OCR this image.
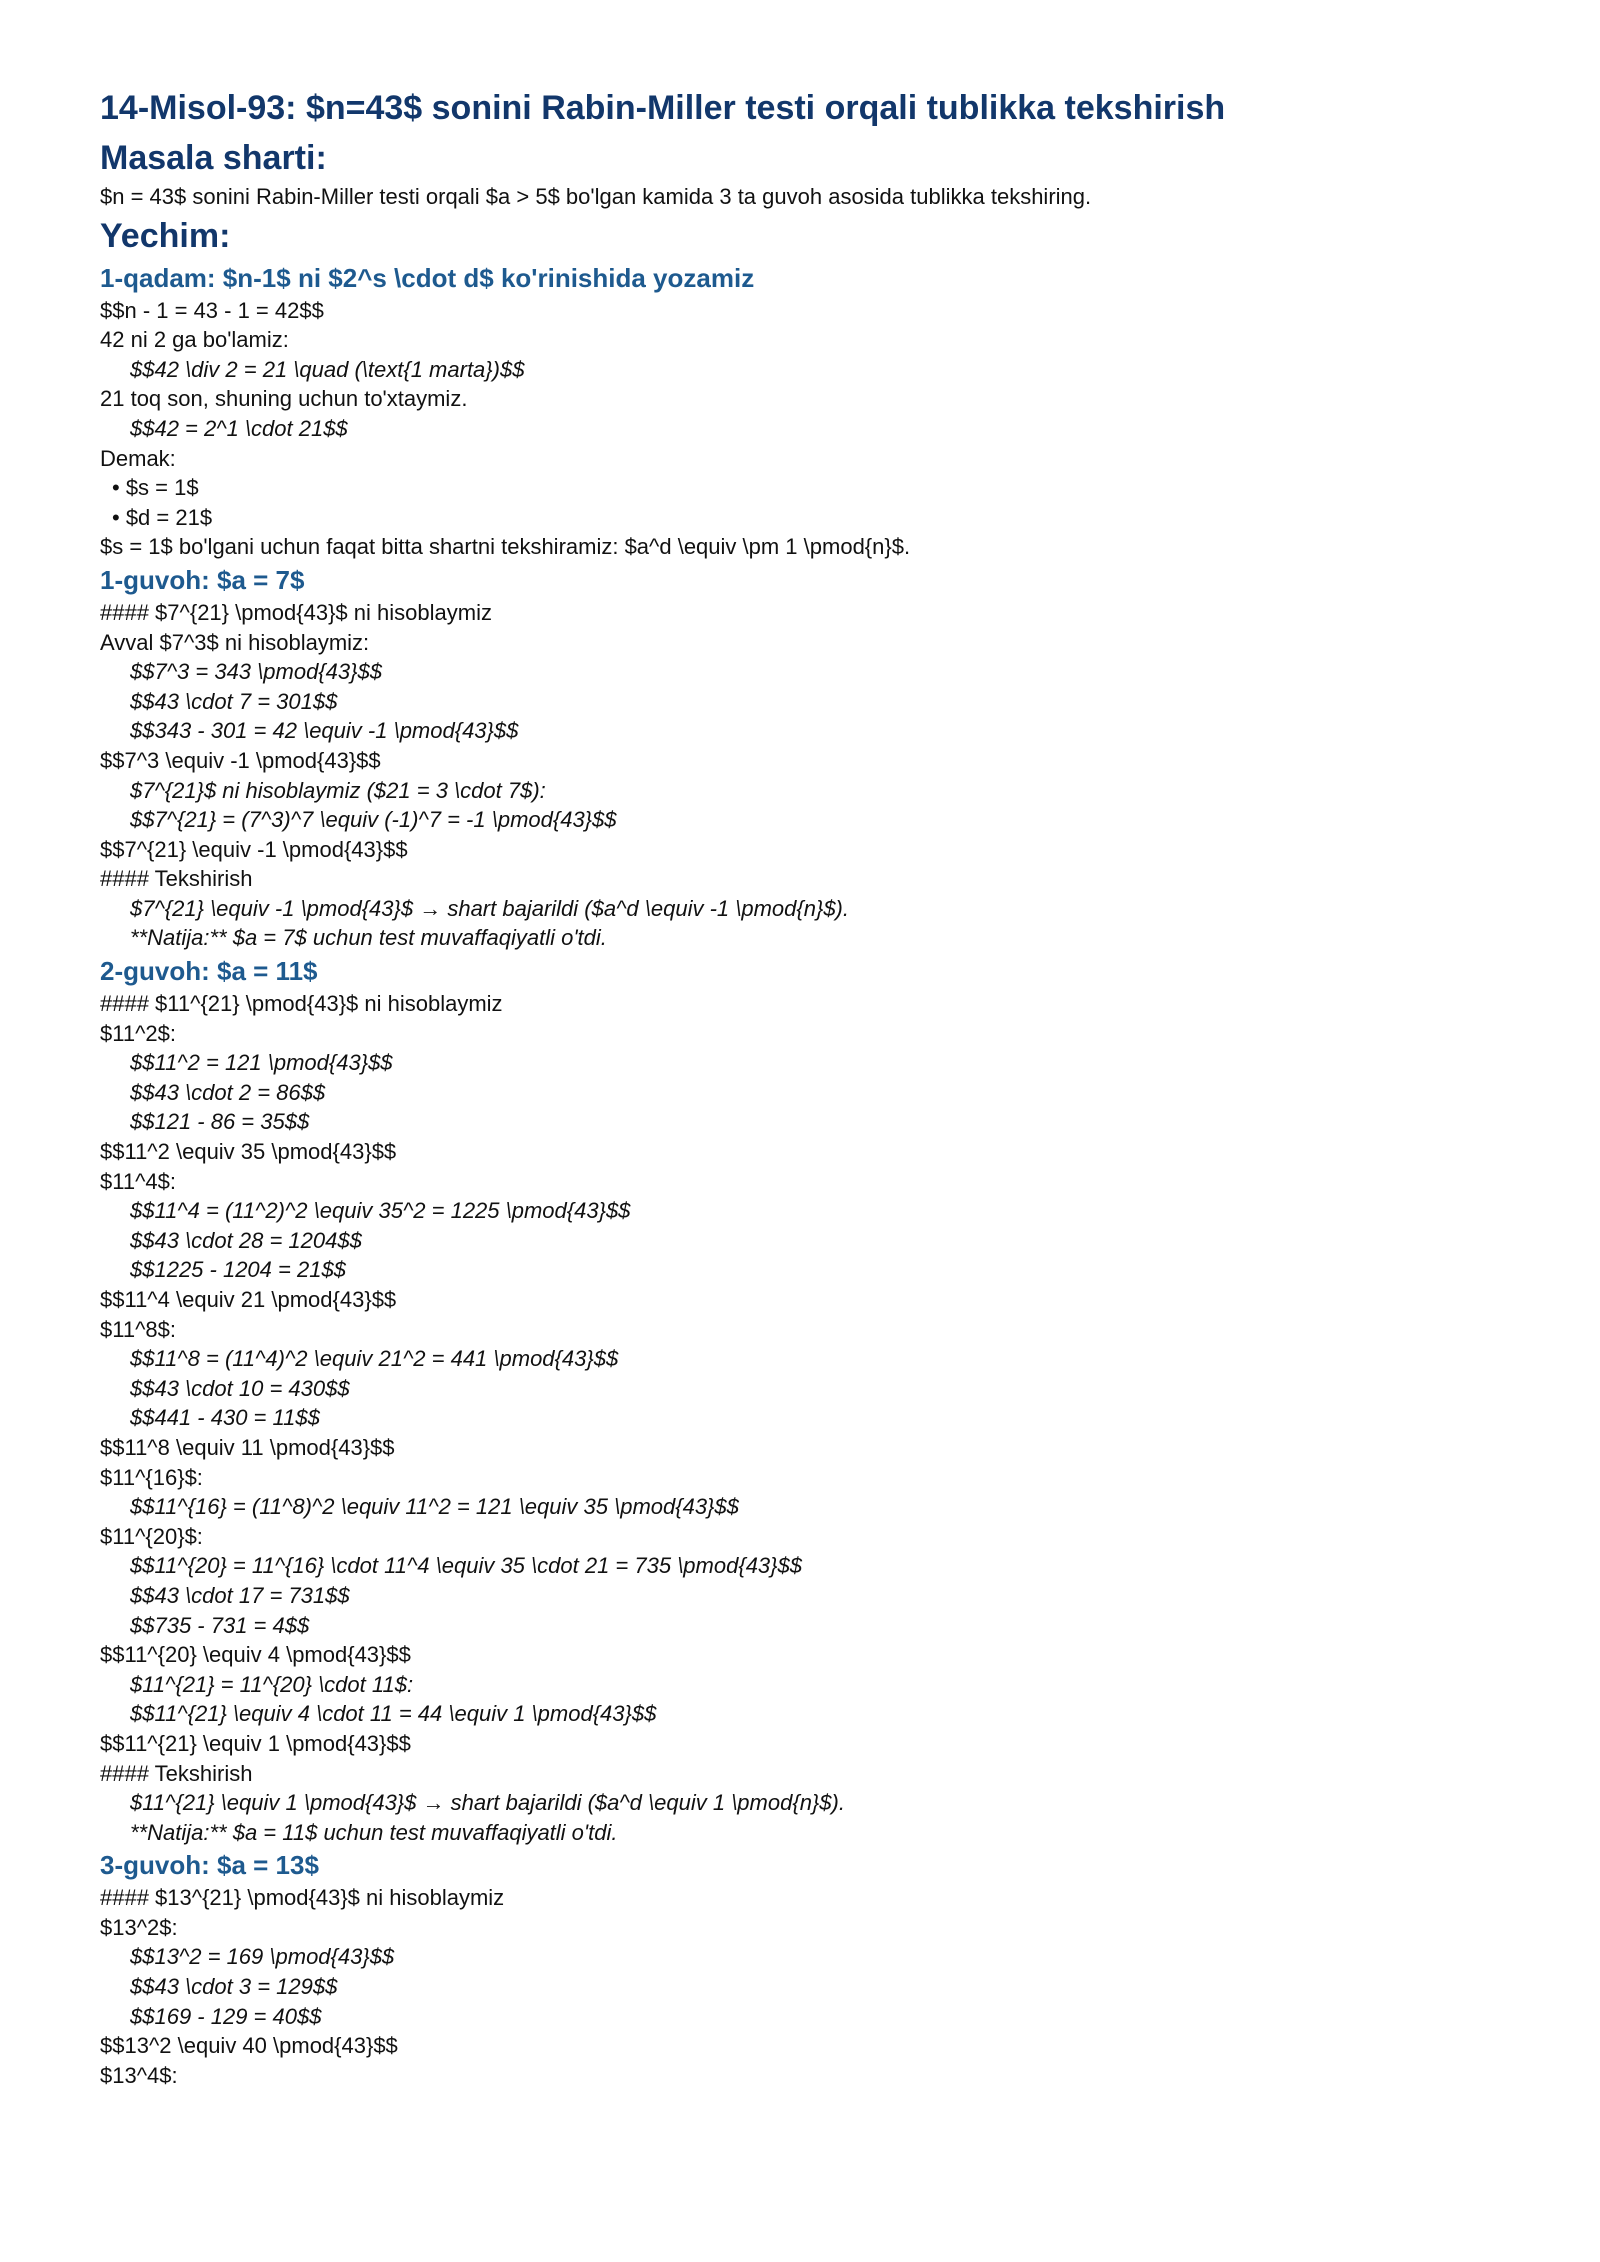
14-Misol-93: $n=43$ sonini Rabin-Miller testi orqali tublikka tekshirish
Masala sharti:
$n = 43$ sonini Rabin-Miller testi orqali $a > 5$ bo'lgan kamida 3 ta guvoh asosida tublikka tekshiring.
Yechim:
1-qadam: $n-1$ ni $2^s \cdot d$ ko'rinishida yozamiz
$$n - 1 = 43 - 1 = 42$$
42 ni 2 ga bo'lamiz:
$$42 \div 2 = 21 \quad (\text{1 marta})$$
21 toq son, shuning uchun to'xtaymiz.
$$42 = 2^1 \cdot 21$$
Demak:
• $s = 1$
• $d = 21$
$s = 1$ bo'lgani uchun faqat bitta shartni tekshiramiz: $a^d \equiv \pm 1 \pmod{n}$.
1-guvoh: $a = 7$
#### $7^{21} \pmod{43}$ ni hisoblaymiz
Avval $7^3$ ni hisoblaymiz:
$$7^3 = 343 \pmod{43}$$
$$43 \cdot 7 = 301$$
$$343 - 301 = 42 \equiv -1 \pmod{43}$$
$$7^3 \equiv -1 \pmod{43}$$
$7^{21}$ ni hisoblaymiz ($21 = 3 \cdot 7$):
$$7^{21} = (7^3)^7 \equiv (-1)^7 = -1 \pmod{43}$$
$$7^{21} \equiv -1 \pmod{43}$$
#### Tekshirish
$7^{21} \equiv -1 \pmod{43}$ → shart bajarildi ($a^d \equiv -1 \pmod{n}$).
**Natija:** $a = 7$ uchun test muvaffaqiyatli o'tdi.
2-guvoh: $a = 11$
#### $11^{21} \pmod{43}$ ni hisoblaymiz
$11^2$:
$$11^2 = 121 \pmod{43}$$
$$43 \cdot 2 = 86$$
$$121 - 86 = 35$$
$$11^2 \equiv 35 \pmod{43}$$
$11^4$:
$$11^4 = (11^2)^2 \equiv 35^2 = 1225 \pmod{43}$$
$$43 \cdot 28 = 1204$$
$$1225 - 1204 = 21$$
$$11^4 \equiv 21 \pmod{43}$$
$11^8$:
$$11^8 = (11^4)^2 \equiv 21^2 = 441 \pmod{43}$$
$$43 \cdot 10 = 430$$
$$441 - 430 = 11$$
$$11^8 \equiv 11 \pmod{43}$$
$11^{16}$:
$$11^{16} = (11^8)^2 \equiv 11^2 = 121 \equiv 35 \pmod{43}$$
$11^{20}$:
$$11^{20} = 11^{16} \cdot 11^4 \equiv 35 \cdot 21 = 735 \pmod{43}$$
$$43 \cdot 17 = 731$$
$$735 - 731 = 4$$
$$11^{20} \equiv 4 \pmod{43}$$
$11^{21} = 11^{20} \cdot 11$:
$$11^{21} \equiv 4 \cdot 11 = 44 \equiv 1 \pmod{43}$$
$$11^{21} \equiv 1 \pmod{43}$$
#### Tekshirish
$11^{21} \equiv 1 \pmod{43}$ → shart bajarildi ($a^d \equiv 1 \pmod{n}$).
**Natija:** $a = 11$ uchun test muvaffaqiyatli o'tdi.
3-guvoh: $a = 13$
#### $13^{21} \pmod{43}$ ni hisoblaymiz
$13^2$:
$$13^2 = 169 \pmod{43}$$
$$43 \cdot 3 = 129$$
$$169 - 129 = 40$$
$$13^2 \equiv 40 \pmod{43}$$
$13^4$:
